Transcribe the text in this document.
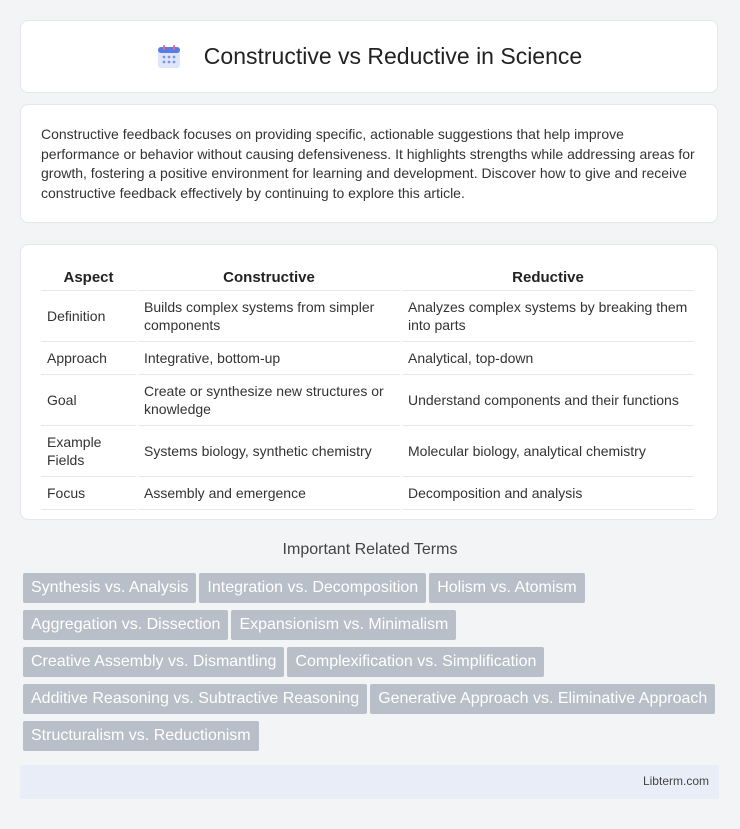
Constructive vs Reductive in Science

Constructive feedback focuses on providing specific, actionable suggestions that help improve performance or behavior without causing defensiveness. It highlights strengths while addressing areas for growth, fostering a positive environment for learning and development. Discover how to give and receive constructive feedback effectively by continuing to explore this article.

Aspect	Constructive	Reductive
Definition	Builds complex systems from simpler components	Analyzes complex systems by breaking them into parts
Approach	Integrative, bottom-up	Analytical, top-down
Goal	Create or synthesize new structures or knowledge	Understand components and their functions
Example Fields	Systems biology, synthetic chemistry	Molecular biology, analytical chemistry
Focus	Assembly and emergence	Decomposition and analysis
Important Related Terms
Synthesis vs. Analysis Integration vs. Decomposition Holism vs. Atomism
Aggregation vs. Dissection Expansionism vs. Minimalism
Creative Assembly vs. Dismantling Complexification vs. Simplification
Additive Reasoning vs. Subtractive Reasoning Generative Approach vs. Eliminative Approach
Structuralism vs. Reductionism
Libterm.com
